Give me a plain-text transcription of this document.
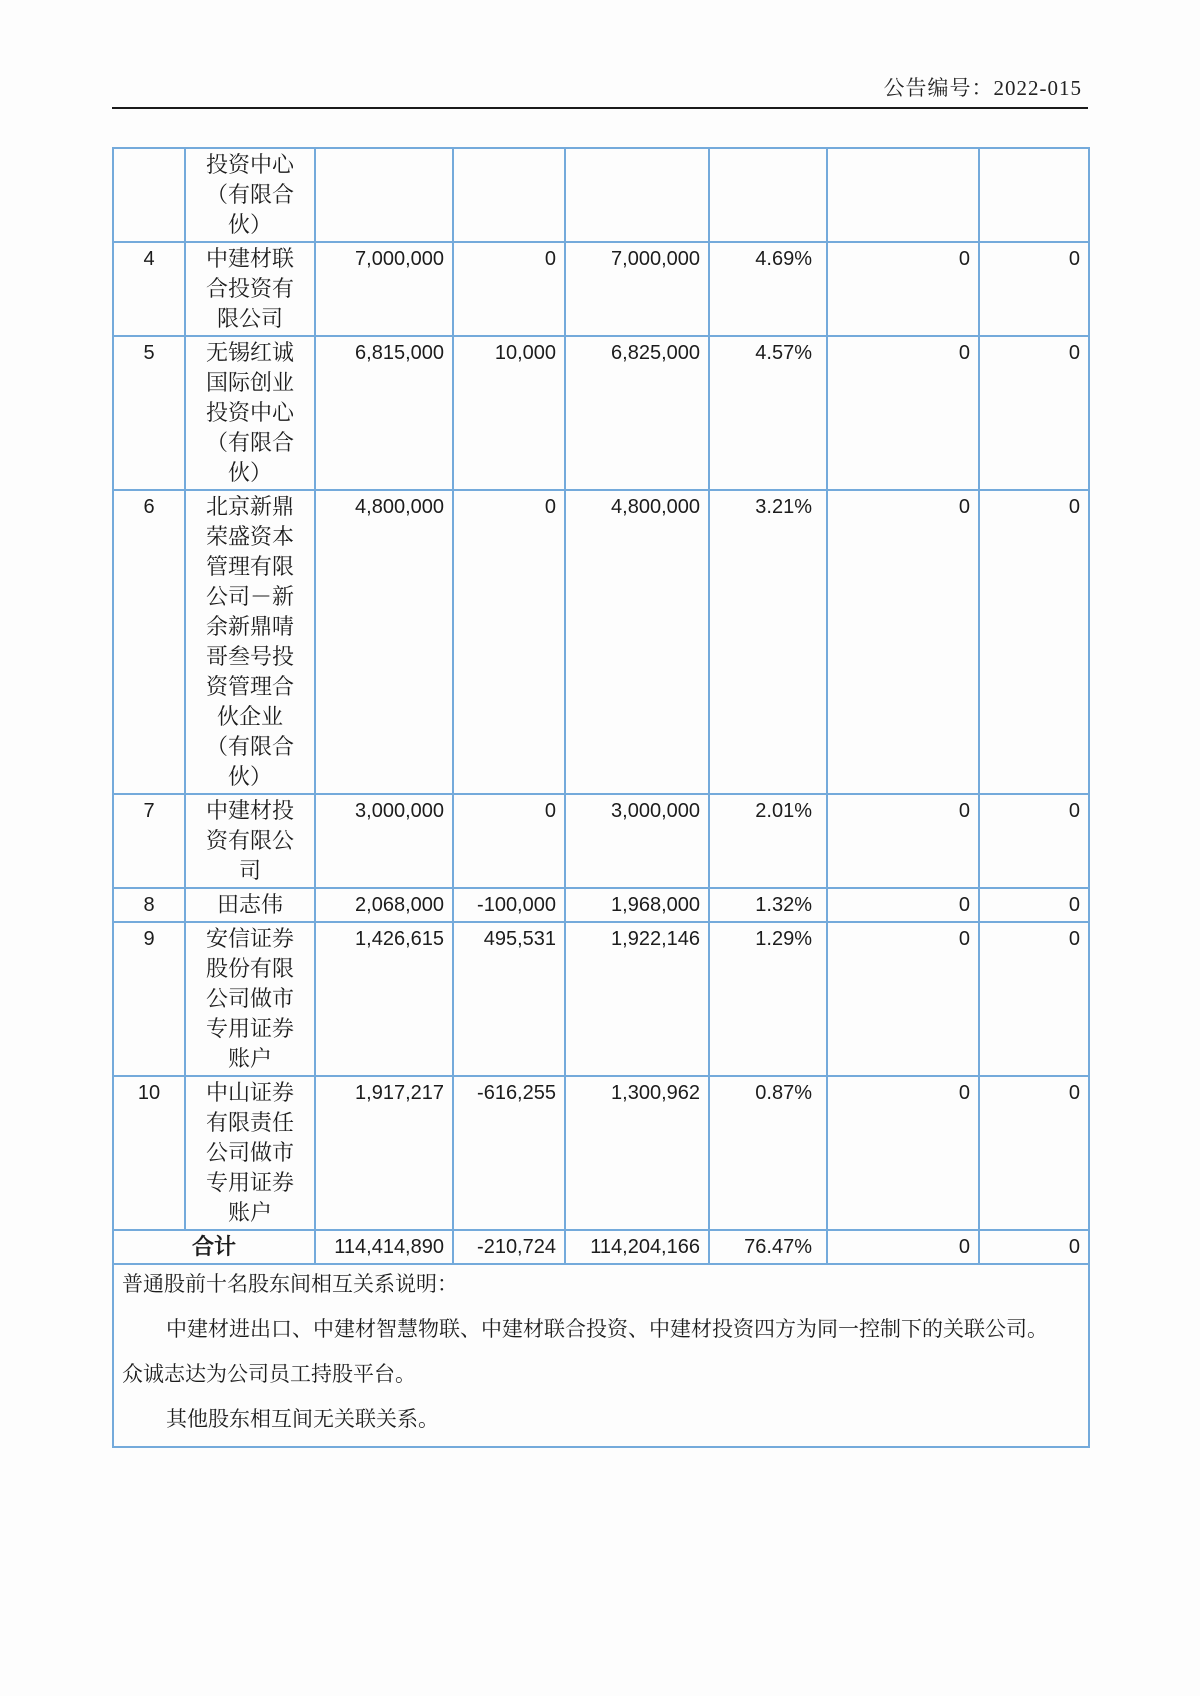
公告编号：2022-015
	投资中心（有限合伙）						
4	中建材联合投资有限公司	7,000,000	0	7,000,000	4.69%	0	0
5	无锡红诚国际创业投资中心（有限合伙）	6,815,000	10,000	6,825,000	4.57%	0	0
6	北京新鼎荣盛资本管理有限公司－新余新鼎啨哥叁号投资管理合伙企业（有限合伙）	4,800,000	0	4,800,000	3.21%	0	0
7	中建材投资有限公司	3,000,000	0	3,000,000	2.01%	0	0
8	田志伟	2,068,000	-100,000	1,968,000	1.32%	0	0
9	安信证券股份有限公司做市专用证券账户	1,426,615	495,531	1,922,146	1.29%	0	0
10	中山证券有限责任公司做市专用证券账户	1,917,217	-616,255	1,300,962	0.87%	0	0
合计		114,414,890	-210,724	114,204,166	76.47%	0	0

普通股前十名股东间相互关系说明：

中建材进出口、中建材智慧物联、中建材联合投资、中建材投资四方为同一控制下的关联公司。

众诚志达为公司员工持股平台。

其他股东相互间无关联关系。							
